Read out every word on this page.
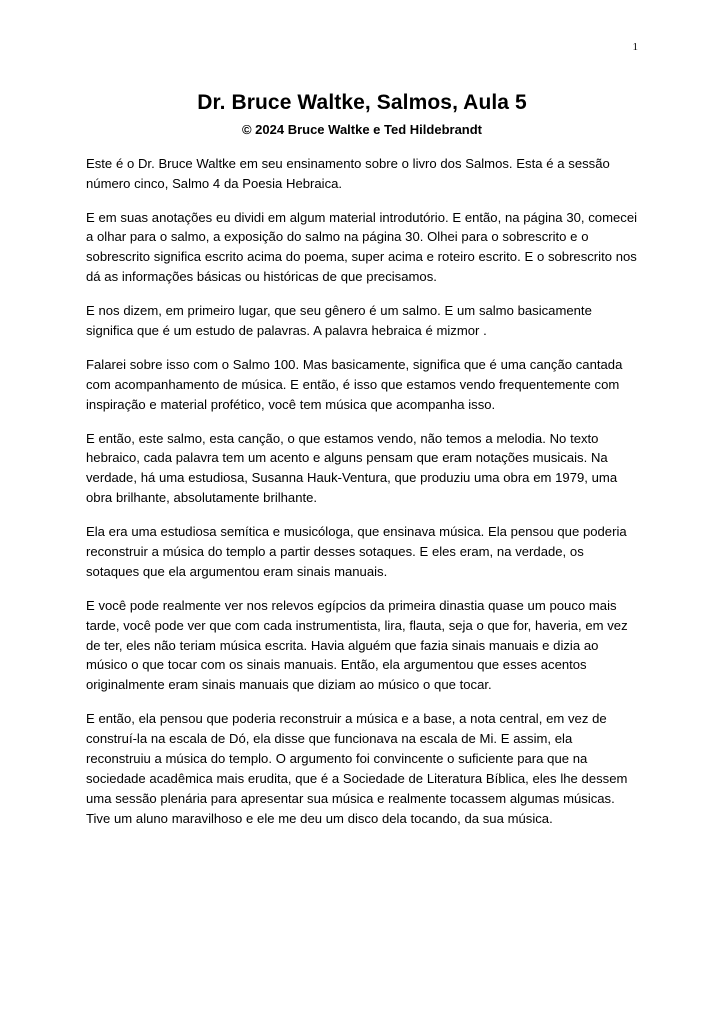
1
Dr. Bruce Waltke, Salmos, Aula 5
© 2024 Bruce Waltke e Ted Hildebrandt

Este é o Dr. Bruce Waltke em seu ensinamento sobre o livro dos Salmos. Esta é a sessão número cinco, Salmo 4 da Poesia Hebraica.

E em suas anotações eu dividi em algum material introdutório. E então, na página 30, comecei a olhar para o salmo, a exposição do salmo na página 30. Olhei para o sobrescrito e o sobrescrito significa escrito acima do poema, super acima e roteiro escrito. E o sobrescrito nos dá as informações básicas ou históricas de que precisamos.

E nos dizem, em primeiro lugar, que seu gênero é um salmo. E um salmo basicamente significa que é um estudo de palavras. A palavra hebraica é mizmor .

Falarei sobre isso com o Salmo 100. Mas basicamente, significa que é uma canção cantada com acompanhamento de música. E então, é isso que estamos vendo frequentemente com inspiração e material profético, você tem música que acompanha isso.

E então, este salmo, esta canção, o que estamos vendo, não temos a melodia. No texto hebraico, cada palavra tem um acento e alguns pensam que eram notações musicais. Na verdade, há uma estudiosa, Susanna Hauk-Ventura, que produziu uma obra em 1979, uma obra brilhante, absolutamente brilhante.

Ela era uma estudiosa semítica e musicóloga, que ensinava música. Ela pensou que poderia reconstruir a música do templo a partir desses sotaques. E eles eram, na verdade, os sotaques que ela argumentou eram sinais manuais.

E você pode realmente ver nos relevos egípcios da primeira dinastia quase um pouco mais tarde, você pode ver que com cada instrumentista, lira, flauta, seja o que for, haveria, em vez de ter, eles não teriam música escrita. Havia alguém que fazia sinais manuais e dizia ao músico o que tocar com os sinais manuais. Então, ela argumentou que esses acentos originalmente eram sinais manuais que diziam ao músico o que tocar.

E então, ela pensou que poderia reconstruir a música e a base, a nota central, em vez de construí-la na escala de Dó, ela disse que funcionava na escala de Mi. E assim, ela reconstruiu a música do templo. O argumento foi convincente o suficiente para que na sociedade acadêmica mais erudita, que é a Sociedade de Literatura Bíblica, eles lhe dessem uma sessão plenária para apresentar sua música e realmente tocassem algumas músicas. Tive um aluno maravilhoso e ele me deu um disco dela tocando, da sua música.
